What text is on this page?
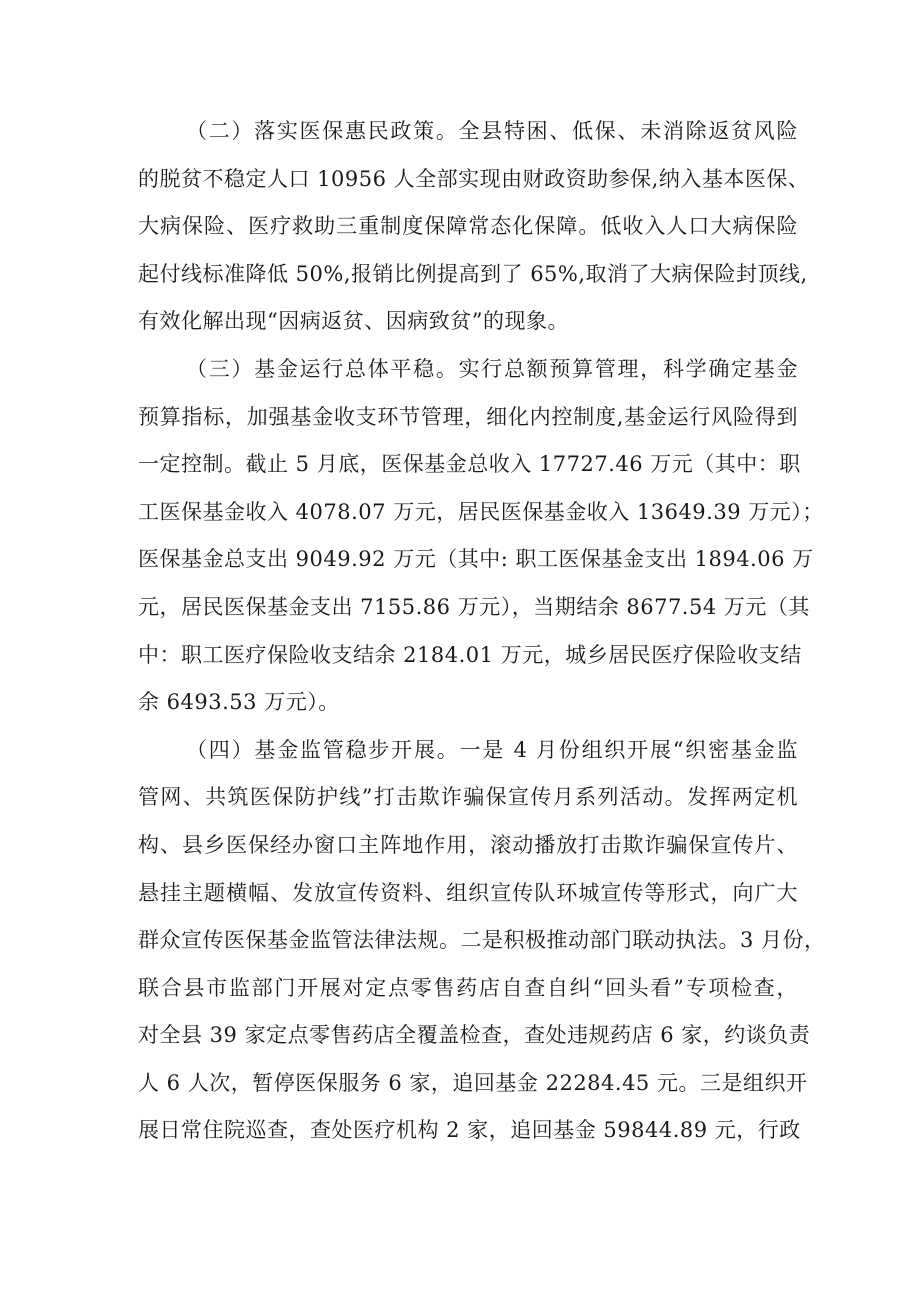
（二）落实医保惠民政策。全县特困、低保、未消除返贫风险
的脱贫不稳定人口 10956 人全部实现由财政资助参保,纳入基本医保、
大病保险、医疗救助三重制度保障常态化保障。低收入人口大病保险
起付线标准降低 50%,报销比例提高到了 65%,取消了大病保险封顶线,
有效化解出现“因病返贫、因病致贫”的现象。
（三）基金运行总体平稳。实行总额预算管理，科学确定基金
预算指标，加强基金收支环节管理，细化内控制度,基金运行风险得到
一定控制。截止 5 月底，医保基金总收入 17727.46 万元（其中：职
工医保基金收入 4078.07 万元，居民医保基金收入 13649.39 万元）；
医保基金总支出 9049.92 万元（其中: 职工医保基金支出 1894.06 万
元，居民医保基金支出 7155.86 万元），当期结余 8677.54 万元（其
中：职工医疗保险收支结余 2184.01 万元，城乡居民医疗保险收支结
余 6493.53 万元）。
（四）基金监管稳步开展。一是 4 月份组织开展“织密基金监
管网、共筑医保防护线”打击欺诈骗保宣传月系列活动。发挥两定机
构、县乡医保经办窗口主阵地作用，滚动播放打击欺诈骗保宣传片、
悬挂主题横幅、发放宣传资料、组织宣传队环城宣传等形式，向广大
群众宣传医保基金监管法律法规。二是积极推动部门联动执法。3 月份，
联合县市监部门开展对定点零售药店自查自纠“回头看”专项检查，
对全县 39 家定点零售药店全覆盖检查，查处违规药店 6 家，约谈负责
人 6 人次，暂停医保服务 6 家，追回基金 22284.45 元。三是组织开
展日常住院巡查，查处医疗机构 2 家，追回基金 59844.89 元，行政
